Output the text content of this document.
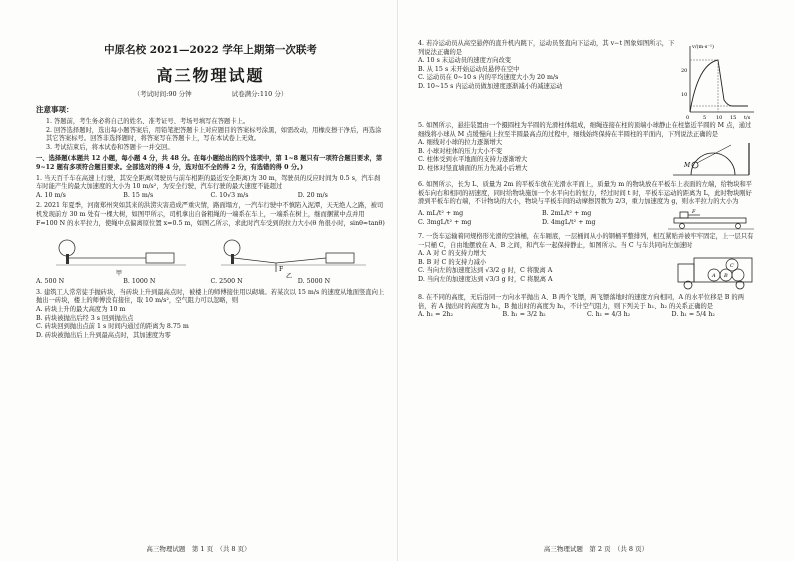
中原名校 2021—2022 学年上期第一次联考
高三物理试题
（考试时间:90 分钟	试卷满分:110 分）
注意事项：

1. 答题前，考生务必将自己的姓名、准考证号、考场号填写在答题卡上。

2. 回答选择题时，选出每小题答案后，用铅笔把答题卡上对应题目的答案标号涂黑，如需改动，用橡皮擦干净后，再选涂其它答案标号。回答非选择题时，将答案写在答题卡上，写在本试卷上无效。

3. 考试结束后，将本试卷和答题卡一并交回。

一、选择题(本题共 12 小题，每小题 4 分，共 48 分。在每小题给出的四个选项中，第 1~8 题只有一项符合题目要求，第 9~12 题有多项符合题目要求。全部选对的得 4 分，选对但不全的得 2 分，有选错的得 0 分。)

1. 当天百千车在高速上行驶，其安全距离(驾驶员与前车相距的最近安全距离)为 30 m，驾驶员的反应时间为 0.5 s，汽车刹车时能产生的最大加速度的大小为 10 m/s²，为安全行驶，汽车行驶的最大速度不能超过

A. 10 m/s	B. 15 m/s	C. 10√3 m/s	D. 20 m/s

2. 2021 年夏季，河南郑州突如其来的洪涝灾害造成严重灾情，路面塌方，一汽车行驶中不慎陷入泥潭，天无绝人之路，被司机发现前方 30 m 处有一棵大树，如图甲所示，司机拿出自备粗绳的一端系在车上，一端系在树上，继而捆紧中点并用 F=100 N 的水平拉力，使绳中点偏离原位置 x=0.5 m，如图乙所示，求此时汽车受到的拉力大小(θ 角很小时，sinθ≈tanθ)

甲
F
乙
A. 500 N	B. 1000 N	C. 2500 N	D. 5000 N

3. 建筑工人常常徒手抛砖块，当砖块上升到最高点时，被楼上的师傅接住用以砌墙。若某次以 15 m/s 的速度从地面竖直向上抛出一砖块，楼上的师傅没有接住，取 10 m/s²，空气阻力可以忽略，则

A. 砖块上升的最大高度为 10 m
B. 砖块被抛出后经 3 s 回到抛出点
C. 砖块回到抛出点前 1 s 时间内通过的距离为 8.75 m
D. 砖块被抛出后上升到最高点时，其加速度为零
高三物理试题　第 1 页　（共 8 页）

4. 若冷运动员从高空悬停的直升机内跳下，运动员竖直向下运动，其 v−t 图象如图所示，下列说法正确的是

A. 10 s 末运动员的速度方向改变
B. 从 15 s 末开始运动员悬停在空中
C. 运动员在 0~10 s 内的平均速度大小为 20 m/s
D. 10~15 s 内运动员做加速度逐渐减小的减速运动
v/(m·s⁻¹)
20
10
t/s
0	5 10 15

5. 如图所示，悬挂装置由一个摄圆柱为半圆的光滑柱体组成，细绳连接在柱的顶端小球静止在柱靠近半圆的 M 点，通过细线将小球从 M 点缓慢向上拉至半圆最高点的过程中，细线始终保持在半圆柱的平面内，下列说法正确的是

A. 细线对小球的拉力逐渐增大
B. 小球对柱体的压力大小不变
C. 柱体受到水平地面的支持力逐渐增大
D. 柱体对竖直墙面的压力先减小后增大	M

6. 如图所示，长为 L、质量为 2m 的平板车放在光滑水平面上，质量为 m 的物块放在平板车上表面的左端，给物块和平板车向右和相同的初速度，同时给物块施加一个水平向右的恒力，经过时间 t 时，平板车运动的距离为 L，此时物块刚好滑到平板车的右端，不计物块的大小，物块与平板车间的动摩擦因数为 2/3，重力加速度为 g，则水平拉力的大小为

A. mL/t² + mg	B. 2mL/t² + mg
C. 3mgL/t² + mg	D. 4mgL/t² + mg
F

7. 一货车运输着同规格形光滑的空油桶，在车厢底，一层桶间从小的钢桶平整排列，相互紧贴并被牢牢固定，上一层只有一只桶 C，自由地摆放在 A、B 之间，和汽车一起保持静止，如图所示。当 C 与车共同向左加速时

A. A 对 C 的支持力增大
B. B 对 C 的支持力减小
C. 当向左的加速度达到 √3/2 g 时，C 将脱离 A
D. 当向左的加速度达到 √3/3 g 时，C 将脱离 A	A B
C

8. 在不同的高度，无后沿同一方向水平抛出 A、B 两个飞镖，两飞镖落地时的速度方向相同，A 的水平位移是 B 的两倍，若 A 抛出时的高度为 h₁，B 抛出时的高度为 h₂，不计空气阻力，则下列关于 h₁、h₂ 的关系正确的是

A. h₁ = 2h₂	B. h₁ = 3/2 h₂	C. h₁ = 4/3 h₂	D. h₁ = 5/4 h₂
高三物理试题　第 2 页　（共 8 页）
